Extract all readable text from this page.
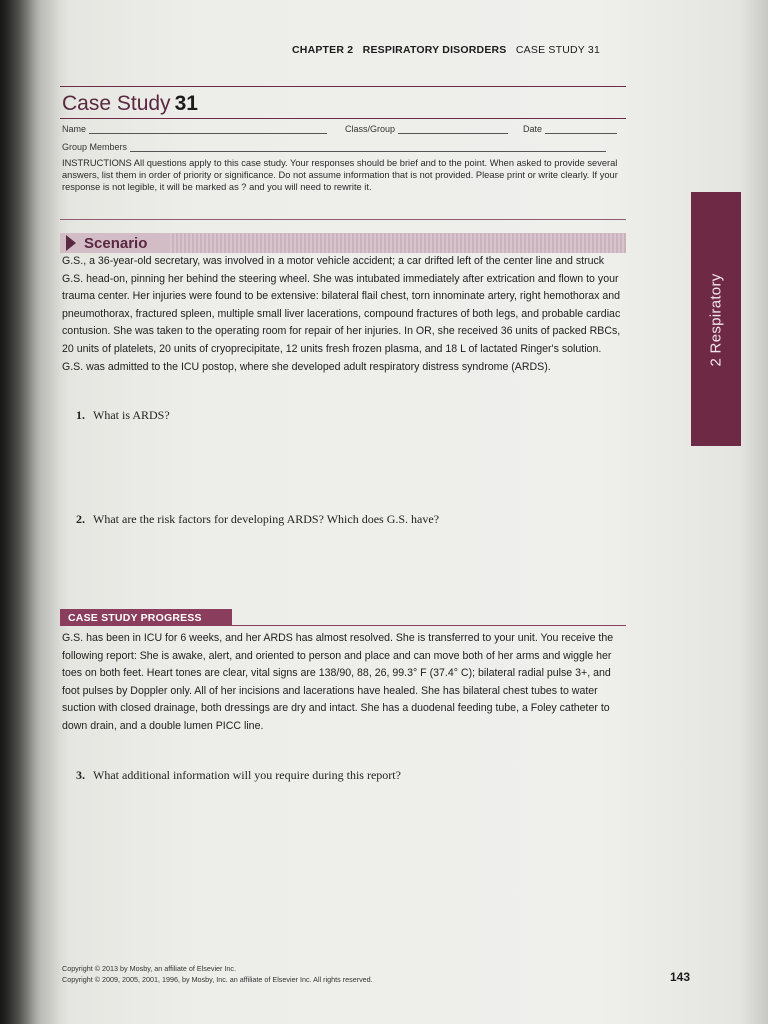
CHAPTER 2 RESPIRATORY DISORDERS CASE STUDY 31
Case Study 31
Name	Class/Group	Date
Group Members
INSTRUCTIONS All questions apply to this case study. Your responses should be brief and to the point. When asked to provide several answers, list them in order of priority or significance. Do not assume information that is not provided. Please print or write clearly. If your response is not legible, it will be marked as ? and you will need to rewrite it.
Scenario
G.S., a 36-year-old secretary, was involved in a motor vehicle accident; a car drifted left of the center line and struck G.S. head-on, pinning her behind the steering wheel. She was intubated immediately after extrication and flown to your trauma center. Her injuries were found to be extensive: bilateral flail chest, torn innominate artery, right hemothorax and pneumothorax, fractured spleen, multiple small liver lacerations, compound fractures of both legs, and probable cardiac contusion. She was taken to the operating room for repair of her injuries. In OR, she received 36 units of packed RBCs, 20 units of platelets, 20 units of cryoprecipitate, 12 units fresh frozen plasma, and 18 L of lactated Ringer's solution. G.S. was admitted to the ICU postop, where she developed adult respiratory distress syndrome (ARDS).
1. What is ARDS?
2. What are the risk factors for developing ARDS? Which does G.S. have?
CASE STUDY PROGRESS
G.S. has been in ICU for 6 weeks, and her ARDS has almost resolved. She is transferred to your unit. You receive the following report: She is awake, alert, and oriented to person and place and can move both of her arms and wiggle her toes on both feet. Heart tones are clear, vital signs are 138/90, 88, 26, 99.3° F (37.4° C); bilateral radial pulse 3+, and foot pulses by Doppler only. All of her incisions and lacerations have healed. She has bilateral chest tubes to water suction with closed drainage, both dressings are dry and intact. She has a duodenal feeding tube, a Foley catheter to down drain, and a double lumen PICC line.
3. What additional information will you require during this report?
2 Respiratory
Copyright © 2013 by Mosby, an affiliate of Elsevier Inc.
Copyright © 2009, 2005, 2001, 1996, by Mosby, Inc. an affiliate of Elsevier Inc. All rights reserved.	143
